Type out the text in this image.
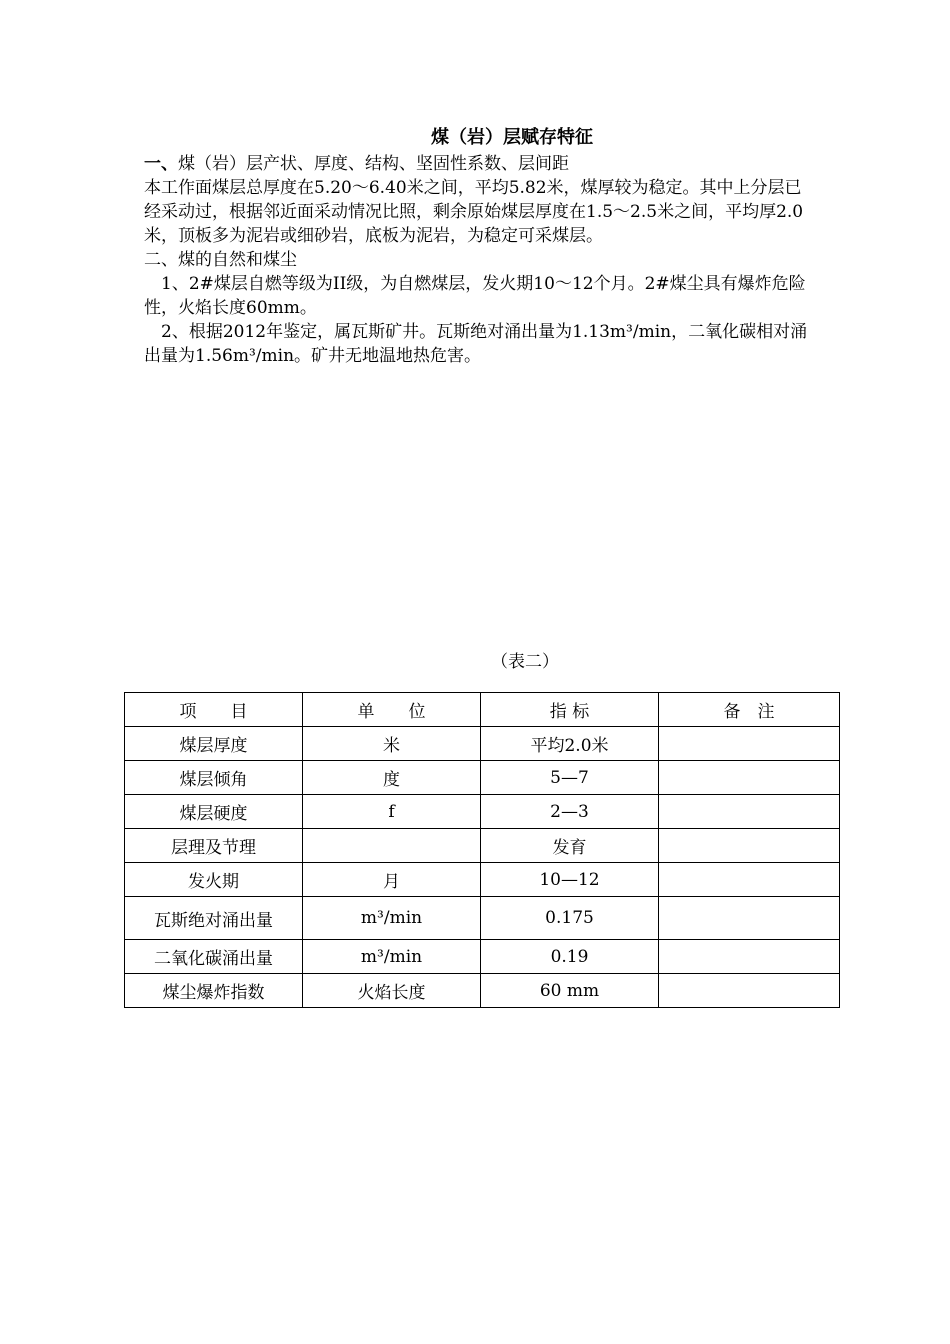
煤（岩）层赋存特征

一、煤（岩）层产状、厚度、结构、坚固性系数、层间距

本工作面煤层总厚度在5.20～6.40米之间，平均5.82米，煤厚较为稳定。其中上分层已经采动过，根据邻近面采动情况比照，剩余原始煤层厚度在1.5～2.5米之间，平均厚2.0米，顶板多为泥岩或细砂岩，底板为泥岩，为稳定可采煤层。

二、煤的自然和煤尘

1、2#煤层自燃等级为II级，为自燃煤层，发火期10～12个月。2#煤尘具有爆炸危险性，火焰长度60mm。

2、根据2012年鉴定，属瓦斯矿井。瓦斯绝对涌出量为1.13m³/min，二氧化碳相对涌出量为1.56m³/min。矿井无地温地热危害。

（表二）
项　　目	单　　位	指 标	备　注
煤层厚度	米	平均2.0米	
煤层倾角	度	5—7	
煤层硬度	f	2—3	
层理及节理		发育	
发火期	月	10—12	
瓦斯绝对涌出量	m³/min	0.175	
二氧化碳涌出量	m³/min	0.19	
煤尘爆炸指数	火焰长度	60 mm	
